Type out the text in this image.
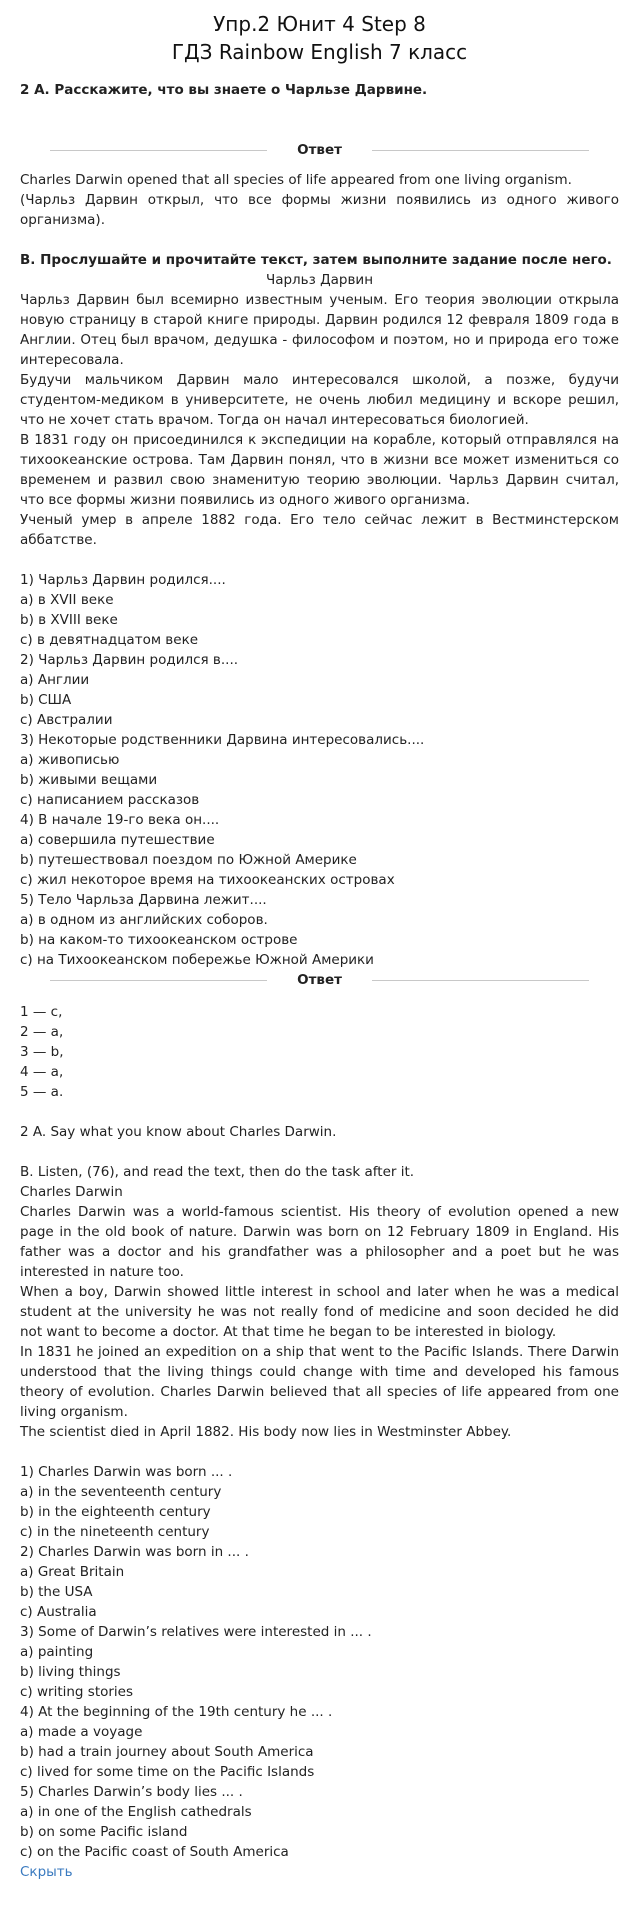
Упр.2 Юнит 4 Step 8
ГДЗ Rainbow English 7 класс
2 А. Расскажите, что вы знаете о Чарльзе Дарвине.
Ответ

Charles Darwin opened that all species of life appeared from one living organism.

(Чарльз Дарвин открыл, что все формы жизни появились из одного живого организма).

В. Прослушайте и прочитайте текст, затем выполните задание после него.
Чарльз Дарвин

Чарльз Дарвин был всемирно известным ученым. Его теория эволюции открыла новую страницу в старой книге природы. Дарвин родился 12 февраля 1809 года в Англии. Отец был врачом, дедушка - философом и поэтом, но и природа его тоже интересовала.

Будучи мальчиком Дарвин мало интересовался школой, а позже, будучи студентом-медиком в университете, не очень любил медицину и вскоре решил, что не хочет стать врачом. Тогда он начал интересоваться биологией.

В 1831 году он присоединился к экспедиции на корабле, который отправлялся на тихоокеанские острова. Там Дарвин понял, что в жизни все может измениться со временем и развил свою знаменитую теорию эволюции. Чарльз Дарвин считал, что все формы жизни появились из одного живого организма.

Ученый умер в апреле 1882 года. Его тело сейчас лежит в Вестминстерском аббатстве.

1) Чарльз Дарвин родился....
a) в XVII веке
b) в XVIII веке
c) в девятнадцатом веке
2) Чарльз Дарвин родился в....
a) Англии
b) США
c) Австралии
3) Некоторые родственники Дарвина интересовались....
a) живописью
b) живыми вещами
c) написанием рассказов
4) В начале 19-го века он....
a) совершила путешествие
b) путешествовал поездом по Южной Америке
c) жил некоторое время на тихоокеанских островах
5) Тело Чарльза Дарвина лежит....
a) в одном из английских соборов.
b) на каком-то тихоокеанском острове
c) на Тихоокеанском побережье Южной Америки
Ответ
1 — c,
2 — a,
3 — b,
4 — a,
5 — a.
2 A. Say what you know about Charles Darwin.
B. Listen, (76), and read the text, then do the task after it.
Charles Darwin

Charles Darwin was a world-famous scientist. His theory of evolution opened a new page in the old book of nature. Darwin was born on 12 February 1809 in England. His father was a doctor and his grandfather was a philosopher and a poet but he was interested in nature too.

When a boy, Darwin showed little interest in school and later when he was a medical student at the university he was not really fond of medicine and soon decided he did not want to become a doctor. At that time he began to be interested in biology.

In 1831 he joined an expedition on a ship that went to the Pacific Islands. There Darwin understood that the living things could change with time and developed his famous theory of evolution. Charles Darwin believed that all species of life appeared from one living organism.

The scientist died in April 1882. His body now lies in Westminster Abbey.

1) Charles Darwin was born ... .
a) in the seventeenth century
b) in the eighteenth century
c) in the nineteenth century
2) Charles Darwin was born in ... .
a) Great Britain
b) the USA
c) Australia
3) Some of Darwin’s relatives were interested in ... .
a) painting
b) living things
c) writing stories
4) At the beginning of the 19th century he ... .
a) made a voyage
b) had a train journey about South America
c) lived for some time on the Pacific Islands
5) Charles Darwin’s body lies ... .
a) in one of the English cathedrals
b) on some Pacific island
c) on the Pacific coast of South America
Скрыть
